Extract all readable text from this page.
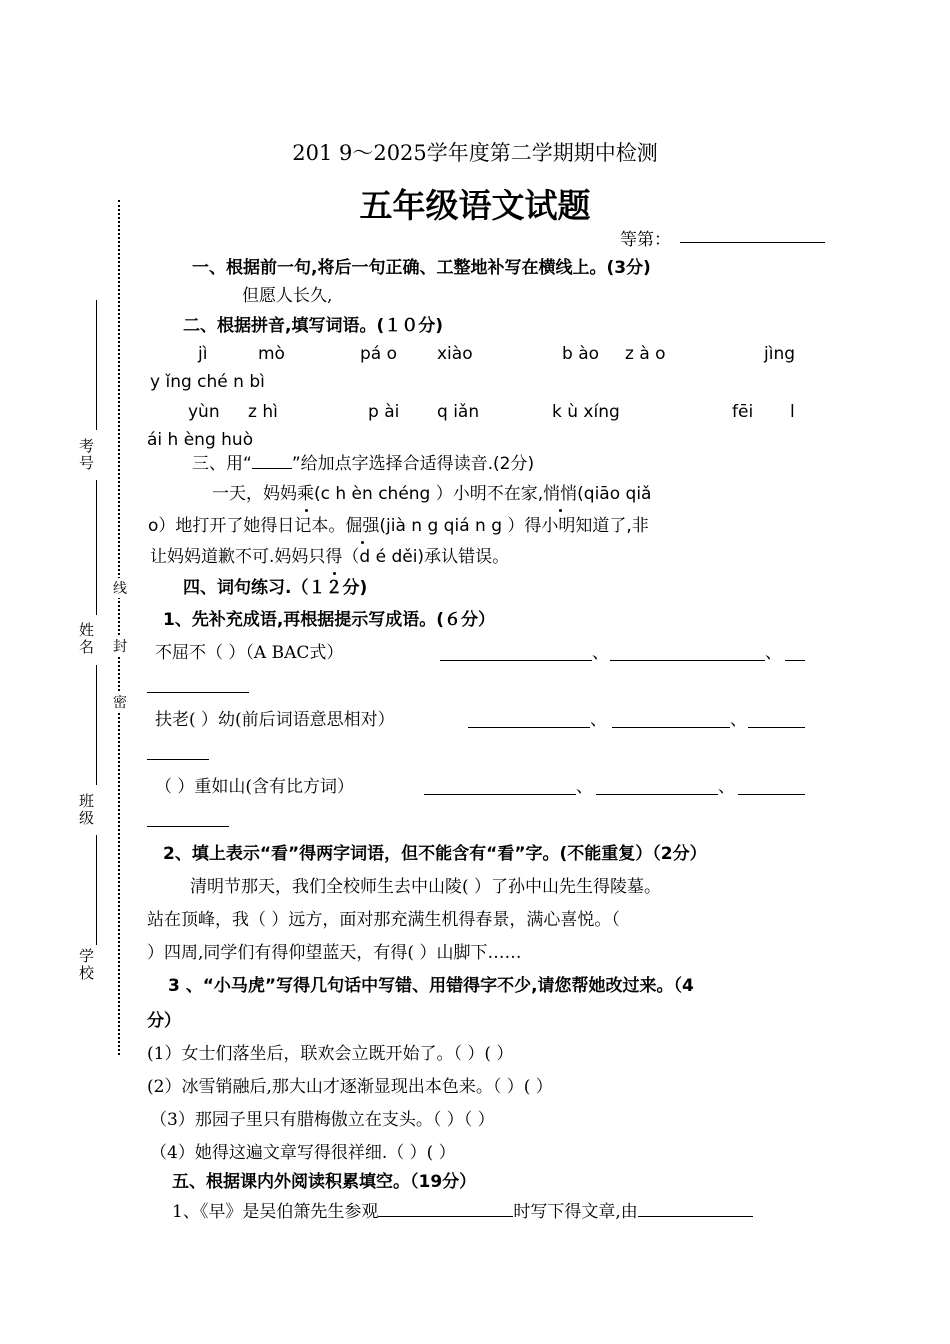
线
封
密
考号
姓名
班级
学校
201 9～2025学年度第二学期期中检测
五年级语文试题
等第：
一、根据前一句,将后一句正确、工整地补写在横线上。(3分)
但愿人长久,
二、根据拼音,填写词语。(１０分)
jì	mò	pá o xiào	b ào z à o	jìng
y ǐng ché n bì
yùn z hì	p ài q iǎn	k ù xíng	fēi l
ái h èng huò
三、用“ ”给加点字选择合适得读音.(2分)
一天，妈妈乘(c h èn chéng ）小明不在家,悄悄(qiāo qiǎ
o）地打开了她得日记本。倔强(jià n g qiá n g ）得小明知道了,非
让妈妈道歉不可.妈妈只得（d é děi)承认错误。
四、词句练习.（１２分)
1、先补充成语,再根据提示写成语。(６分）
不屈不（ ）（A BAC式）	、	、
扶老( ）幼(前后词语意思相对）	、	、
（ ）重如山(含有比方词）	、	、
2、填上表示“看”得两字词语，但不能含有“看”字。(不能重复）（2分）
清明节那天，我们全校师生去中山陵( ）了孙中山先生得陵墓。
站在顶峰，我（ ）远方，面对那充满生机得春景，满心喜悦。（
）四周,同学们有得仰望蓝天，有得( ）山脚下……
3 、“小马虎”写得几句话中写错、用错得字不少,请您帮她改过来。（4
分）
(1）女士们落坐后，联欢会立既开始了。（ ）( ）
(2）冰雪销融后,那大山才逐渐显现出本色来。（ ）( ）
（3）那园子里只有腊梅傲立在支头。（ ）（ ）
（4）她得这遍文章写得很祥细.（ ）( ）
五、根据课内外阅读积累填空。（19分）
1、《早》是吴伯箫先生参观	时写下得文章,由
